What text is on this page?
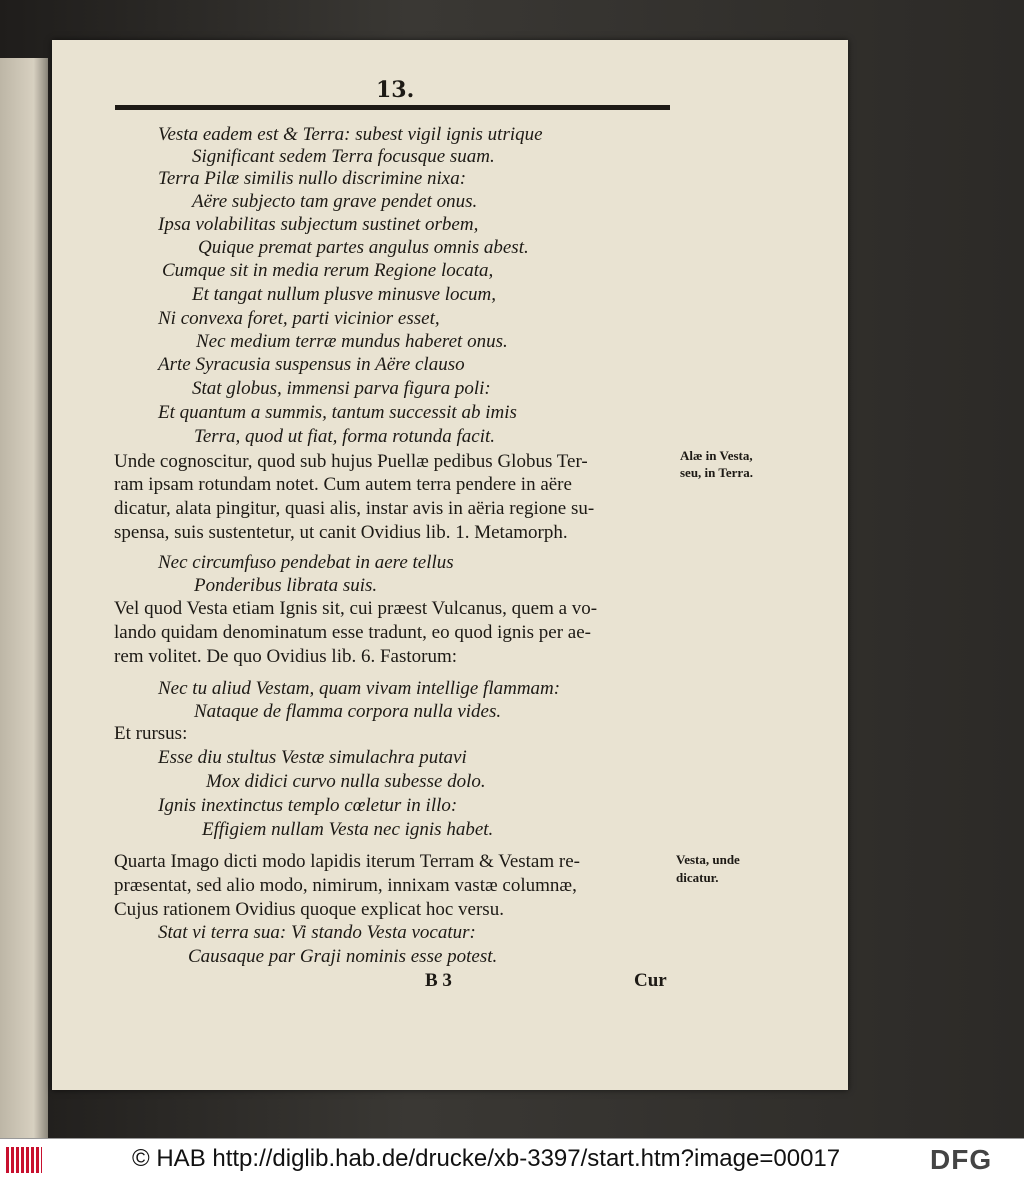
13.

Vesta eadem est & Terra: subest vigil ignis utrique

Significant sedem Terra focusque suam.

Terra Pilæ similis nullo discrimine nixa:

Aëre subjecto tam grave pendet onus.

Ipsa volabilitas subjectum sustinet orbem,

Quique premat partes angulus omnis abest.

Cumque sit in media rerum Regione locata,

Et tangat nullum plusve minusve locum,

Ni convexa foret, parti vicinior esset,

Nec medium terræ mundus haberet onus.

Arte Syracusia suspensus in Aëre clauso

Stat globus, immensi parva figura poli:

Et quantum a summis, tantum successit ab imis

Terra, quod ut fiat, forma rotunda facit.

Unde cognoscitur, quod sub hujus Puellæ pedibus Globus Ter-

ram ipsam rotundam notet. Cum autem terra pendere in aëre

dicatur, alata pingitur, quasi alis, instar avis in aëria regione su-

spensa, suis sustentetur, ut canit Ovidius lib. 1. Metamorph.

Nec circumfuso pendebat in aere tellus

Ponderibus librata suis.

Vel quod Vesta etiam Ignis sit, cui præest Vulcanus, quem a vo-

lando quidam denominatum esse tradunt, eo quod ignis per ae-

rem volitet. De quo Ovidius lib. 6. Fastorum:

Nec tu aliud Vestam, quam vivam intellige flammam:

Nataque de flamma corpora nulla vides.

Et rursus:

Esse diu stultus Vestæ simulachra putavi

Mox didici curvo nulla subesse dolo.

Ignis inextinctus templo cœletur in illo:

Effigiem nullam Vesta nec ignis habet.

Quarta Imago dicti modo lapidis iterum Terram & Vestam re-

præsentat, sed alio modo, nimirum, innixam vastæ columnæ,

Cujus rationem Ovidius quoque explicat hoc versu.

Stat vi terra sua: Vi stando Vesta vocatur:

Causaque par Graji nominis esse potest.

Alæ in Vesta,

seu, in Terra.

Vesta, unde

dicatur.

B 3	Cur

© HAB http://diglib.hab.de/drucke/xb-3397/start.htm?image=00017	DFG
